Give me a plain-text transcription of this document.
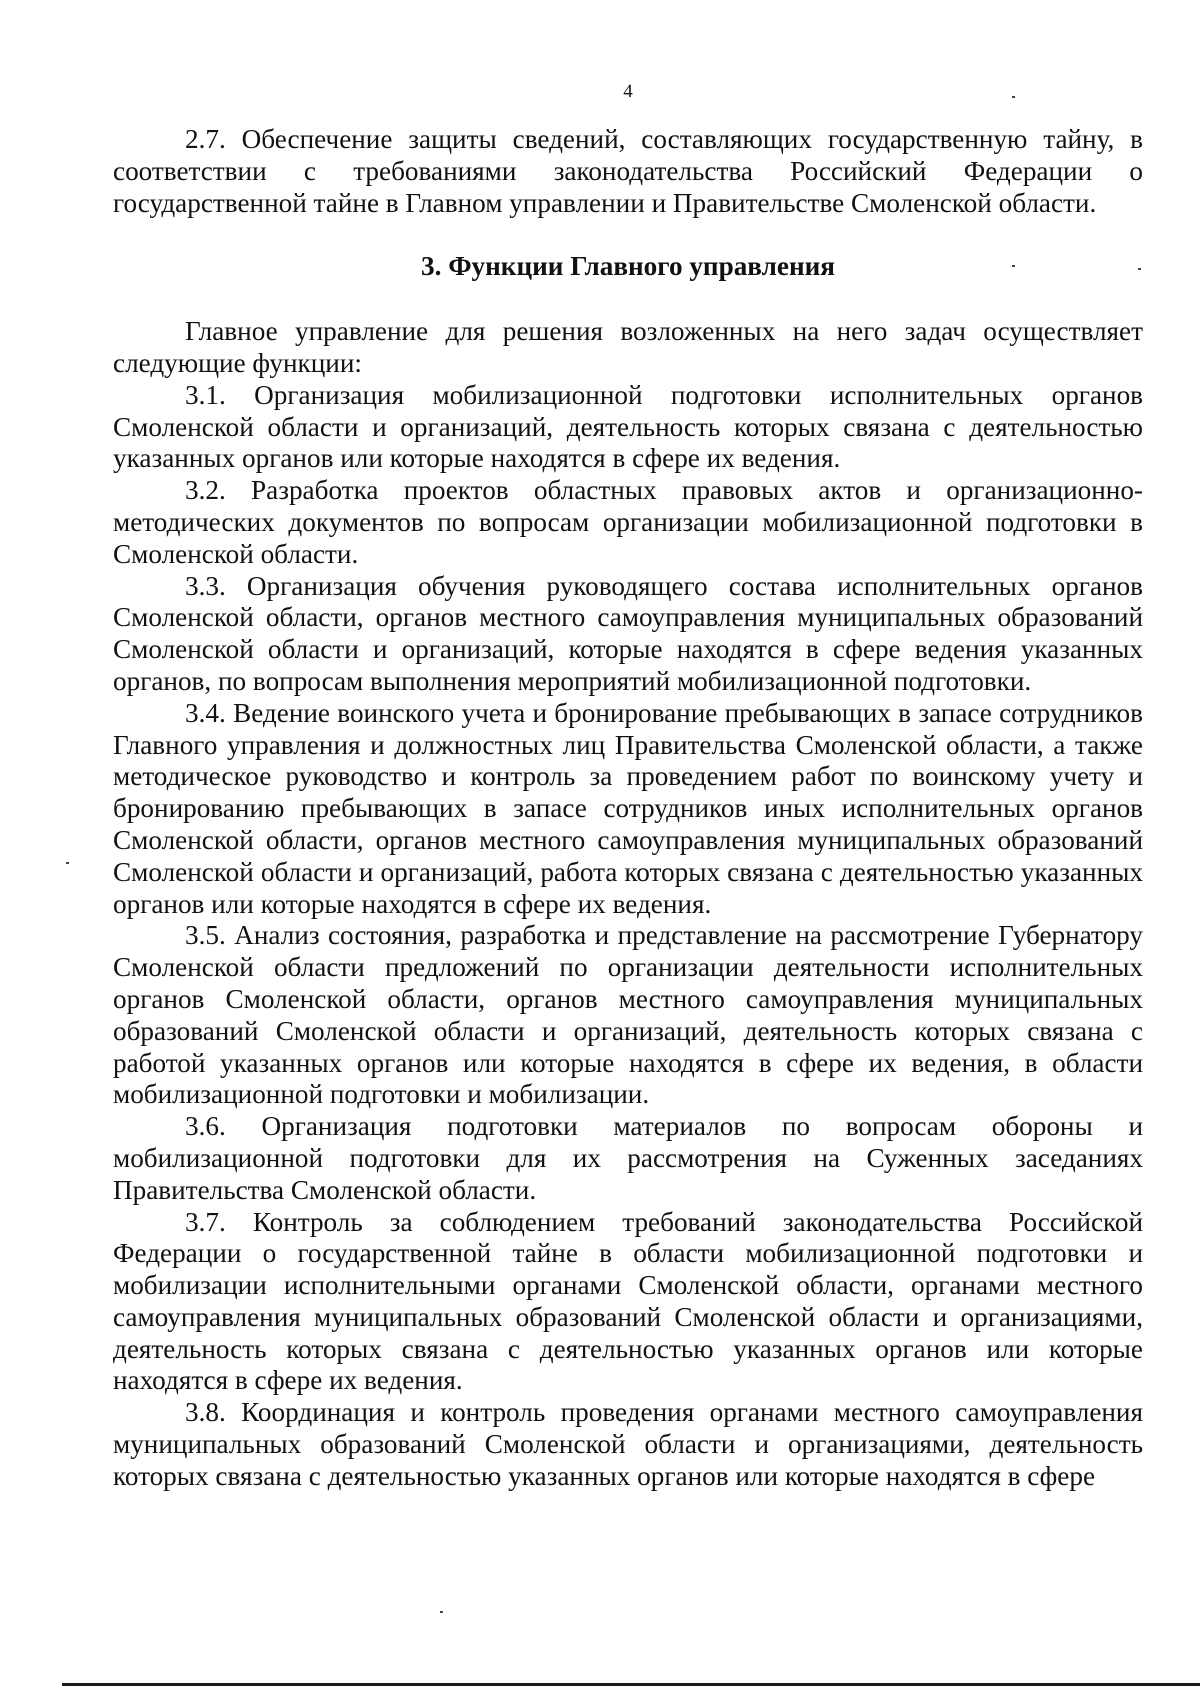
4

2.7. Обеспечение защиты сведений, составляющих государственную тайну, в соответствии с требованиями законодательства Российский Федерации о государственной тайне в Главном управлении и Правительстве Смоленской области.

3. Функции Главного управления

Главное управление для решения возложенных на него задач осуществляет следующие функции:

3.1. Организация мобилизационной подготовки исполнительных органов Смоленской области и организаций, деятельность которых связана с деятельностью указанных органов или которые находятся в сфере их ведения.

3.2. Разработка проектов областных правовых актов и организационно-методических документов по вопросам организации мобилизационной подготовки в Смоленской области.

3.3. Организация обучения руководящего состава исполнительных органов Смоленской области, органов местного самоуправления муниципальных образований Смоленской области и организаций, которые находятся в сфере ведения указанных органов, по вопросам выполнения мероприятий мобилизационной подготовки.

3.4. Ведение воинского учета и бронирование пребывающих в запасе сотрудников Главного управления и должностных лиц Правительства Смоленской области, а также методическое руководство и контроль за проведением работ по воинскому учету и бронированию пребывающих в запасе сотрудников иных исполнительных органов Смоленской области, органов местного самоуправления муниципальных образований Смоленской области и организаций, работа которых связана с деятельностью указанных органов или которые находятся в сфере их ведения.

3.5. Анализ состояния, разработка и представление на рассмотрение Губернатору Смоленской области предложений по организации деятельности исполнительных органов Смоленской области, органов местного самоуправления муниципальных образований Смоленской области и организаций, деятельность которых связана с работой указанных органов или которые находятся в сфере их ведения, в области мобилизационной подготовки и мобилизации.

3.6. Организация подготовки материалов по вопросам обороны и мобилизационной подготовки для их рассмотрения на Суженных заседаниях Правительства Смоленской области.

3.7. Контроль за соблюдением требований законодательства Российской Федерации о государственной тайне в области мобилизационной подготовки и мобилизации исполнительными органами Смоленской области, органами местного самоуправления муниципальных образований Смоленской области и организациями, деятельность которых связана с деятельностью указанных органов или которые находятся в сфере их ведения.

3.8. Координация и контроль проведения органами местного самоуправления муниципальных образований Смоленской области и организациями, деятельность которых связана с деятельностью указанных органов или которые находятся в сфере
